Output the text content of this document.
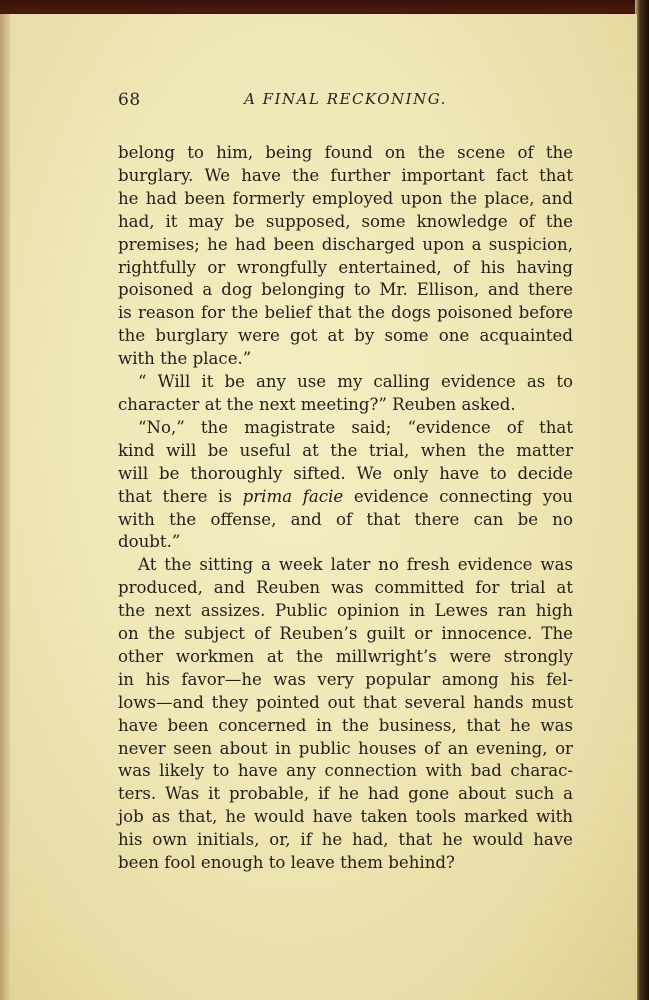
68	A FINAL RECKONING.
belong to him, being found on the scene of the
burglary. We have the further important fact that
he had been formerly employed upon the place, and
had, it may be supposed, some knowledge of the
premises; he had been discharged upon a suspicion,
rightfully or wrongfully entertained, of his having
poisoned a dog belonging to Mr. Ellison, and there
is reason for the belief that the dogs poisoned before
the burglary were got at by some one acquainted
with the place.”
“ Will it be any use my calling evidence as to
character at the next meeting?” Reuben asked.
“No,” the magistrate said; “evidence of that
kind will be useful at the trial, when the matter
will be thoroughly sifted. We only have to decide
that there is prima facie evidence connecting you
with the offense, and of that there can be no
doubt.”
At the sitting a week later no fresh evidence was
produced, and Reuben was committed for trial at
the next assizes. Public opinion in Lewes ran high
on the subject of Reuben’s guilt or innocence. The
other workmen at the millwright’s were strongly
in his favor—he was very popular among his fel-
lows—and they pointed out that several hands must
have been concerned in the business, that he was
never seen about in public houses of an evening, or
was likely to have any connection with bad charac-
ters. Was it probable, if he had gone about such a
job as that, he would have taken tools marked with
his own initials, or, if he had, that he would have
been fool enough to leave them behind?
